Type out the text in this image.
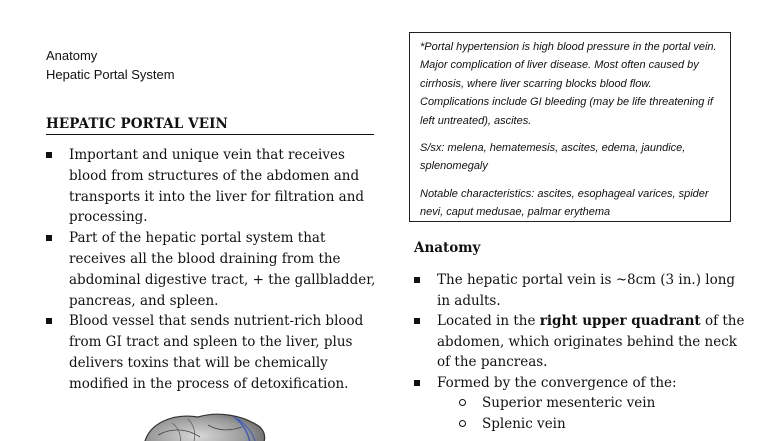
Anatomy
Hepatic Portal System
HEPATIC PORTAL VEIN
Important and unique vein that receives blood from structures of the abdomen and transports it into the liver for filtration and processing.
Part of the hepatic portal system that receives all the blood draining from the abdominal digestive tract, + the gallbladder, pancreas, and spleen.
Blood vessel that sends nutrient-rich blood from GI tract and spleen to the liver, plus delivers toxins that will be chemically modified in the process of detoxification.

*Portal hypertension is high blood pressure in the portal vein. Major complication of liver disease. Most often caused by cirrhosis, where liver scarring blocks blood flow. Complications include GI bleeding (may be life threatening if left untreated), ascites.

S/sx: melena, hematemesis, ascites, edema, jaundice, splenomegaly

Notable characteristics: ascites, esophageal varices, spider nevi, caput medusae, palmar erythema

Anatomy
The hepatic portal vein is ~8cm (3 in.) long in adults.
Located in the right upper quadrant of the abdomen, which originates behind the neck of the pancreas.
Formed by the convergence of the:
Superior mesenteric vein
Splenic vein
